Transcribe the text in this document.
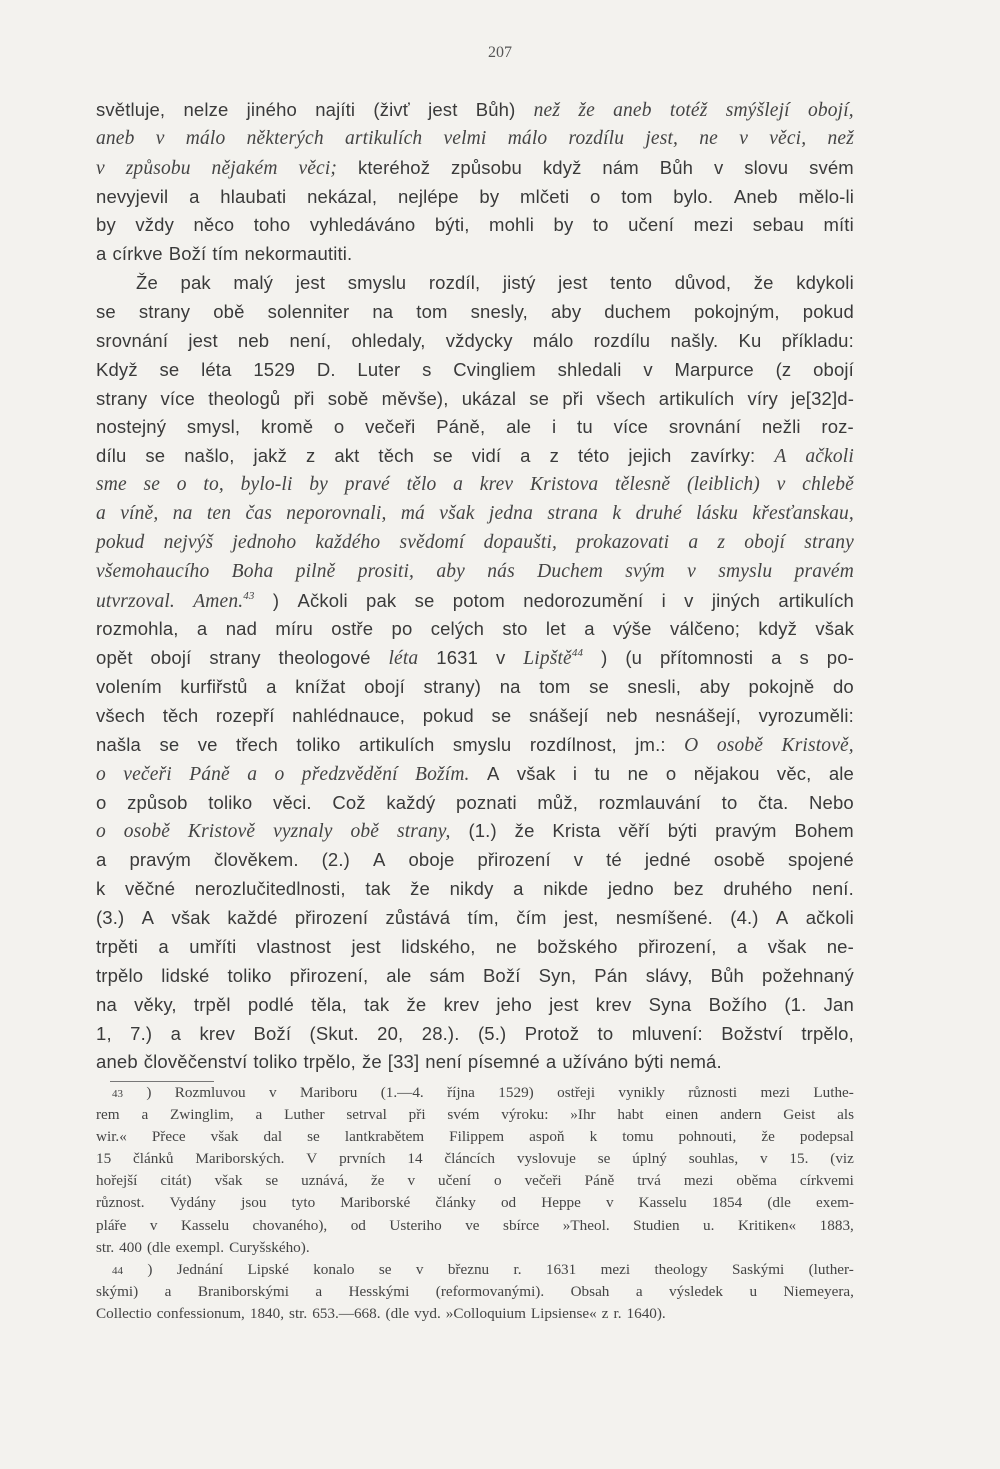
207
světluje, nelze jiného najíti (živť jest Bůh) než že aneb totéž smýšlejí obojí,
aneb v málo některých artikulích velmi málo rozdílu jest, ne v věci, než
v způsobu nějakém věci; kteréhož způsobu když nám Bůh v slovu svém
nevyjevil a hlaubati nekázal, nejlépe by mlčeti o tom bylo. Aneb mělo-li
by vždy něco toho vyhledáváno býti, mohli by to učení mezi sebau míti
a církve Boží tím nekormautiti.
Že pak malý jest smyslu rozdíl, jistý jest tento důvod, že kdykoli
se strany obě solenniter na tom snesly, aby duchem pokojným, pokud
srovnání jest neb není, ohledaly, vždycky málo rozdílu našly. Ku příkladu:
Když se léta 1529 D. Luter s Cvingliem shledali v Marpurce (z obojí
strany více theologů při sobě měvše), ukázal se při všech artikulích víry je[32]d-
nostejný smysl, kromě o večeři Páně, ale i tu více srovnání nežli roz-
dílu se našlo, jakž z akt těch se vidí a z této jejich zavírky: A ačkoli
sme se o to, bylo-li by pravé tělo a krev Kristova tělesně (leiblich) v chlebě
a víně, na ten čas neporovnali, má však jedna strana k druhé lásku křesťanskau,
pokud nejvýš jednoho každého svědomí dopaušti, prokazovati a z obojí strany
všemohaucího Boha pilně prositi, aby nás Duchem svým v smyslu pravém
utvrzoval. Amen.$^{43}$ ) Ačkoli pak se potom nedorozumění i v jiných artikulích
rozmohla, a nad míru ostře po celých sto let a výše válčeno; když však
opět obojí strany theologové léta 1631 v Lipště$^{44}$ ) (u přítomnosti a s po-
volením kurfiřstů a knížat obojí strany) na tom se snesli, aby pokojně do
všech těch rozepří nahlédnauce, pokud se snášejí neb nesnášejí, vyrozuměli:
našla se ve třech toliko artikulích smyslu rozdílnost, jm.: O osobě Kristově,
o večeři Páně a o předzvědění Božím. A však i tu ne o nějakou věc, ale
o způsob toliko věci. Což každý poznati můž, rozmlauvání to čta. Nebo
o osobě Kristově vyznaly obě strany, (1.) že Krista věří býti pravým Bohem
a pravým člověkem. (2.) A oboje přirození v té jedné osobě spojené
k věčné nerozlučitedlnosti, tak že nikdy a nikde jedno bez druhého není.
(3.) A však každé přirození zůstává tím, čím jest, nesmíšené. (4.) A ačkoli
trpěti a umříti vlastnost jest lidského, ne božského přirození, a však ne-
trpělo lidské toliko přirození, ale sám Boží Syn, Pán slávy, Bůh požehnaný
na věky, trpěl podlé těla, tak že krev jeho jest krev Syna Božího (1. Jan
1, 7.) a krev Boží (Skut. 20, 28.). (5.) Protož to mluvení: Božství trpělo,
aneb člověčenství toliko trpělo, že [33] není písemné a užíváno býti nemá.
43 ) Rozmluvou v Mariboru (1.—4. října 1529) ostřeji vynikly různosti mezi Luthe-
rem a Zwinglim, a Luther setrval při svém výroku: »Ihr habt einen andern Geist als
wir.« Přece však dal se lantkrabětem Filippem aspoň k tomu pohnouti, že podepsal
15 článků Mariborských. V prvních 14 článcích vyslovuje se úplný souhlas, v 15. (viz
hořejší citát) však se uznává, že v učení o večeři Páně trvá mezi oběma církvemi
různost. Vydány jsou tyto Mariborské články od Heppe v Kasselu 1854 (dle exem-
pláře v Kasselu chovaného), od Usteriho ve sbírce »Theol. Studien u. Kritiken« 1883,
str. 400 (dle exempl. Curyšského).
44 ) Jednání Lipské konalo se v březnu r. 1631 mezi theology Saskými (luther-
skými) a Braniborskými a Hesskými (reformovanými). Obsah a výsledek u Niemeyera,
Collectio confessionum, 1840, str. 653.—668. (dle vyd. »Colloquium Lipsiense« z r. 1640).
